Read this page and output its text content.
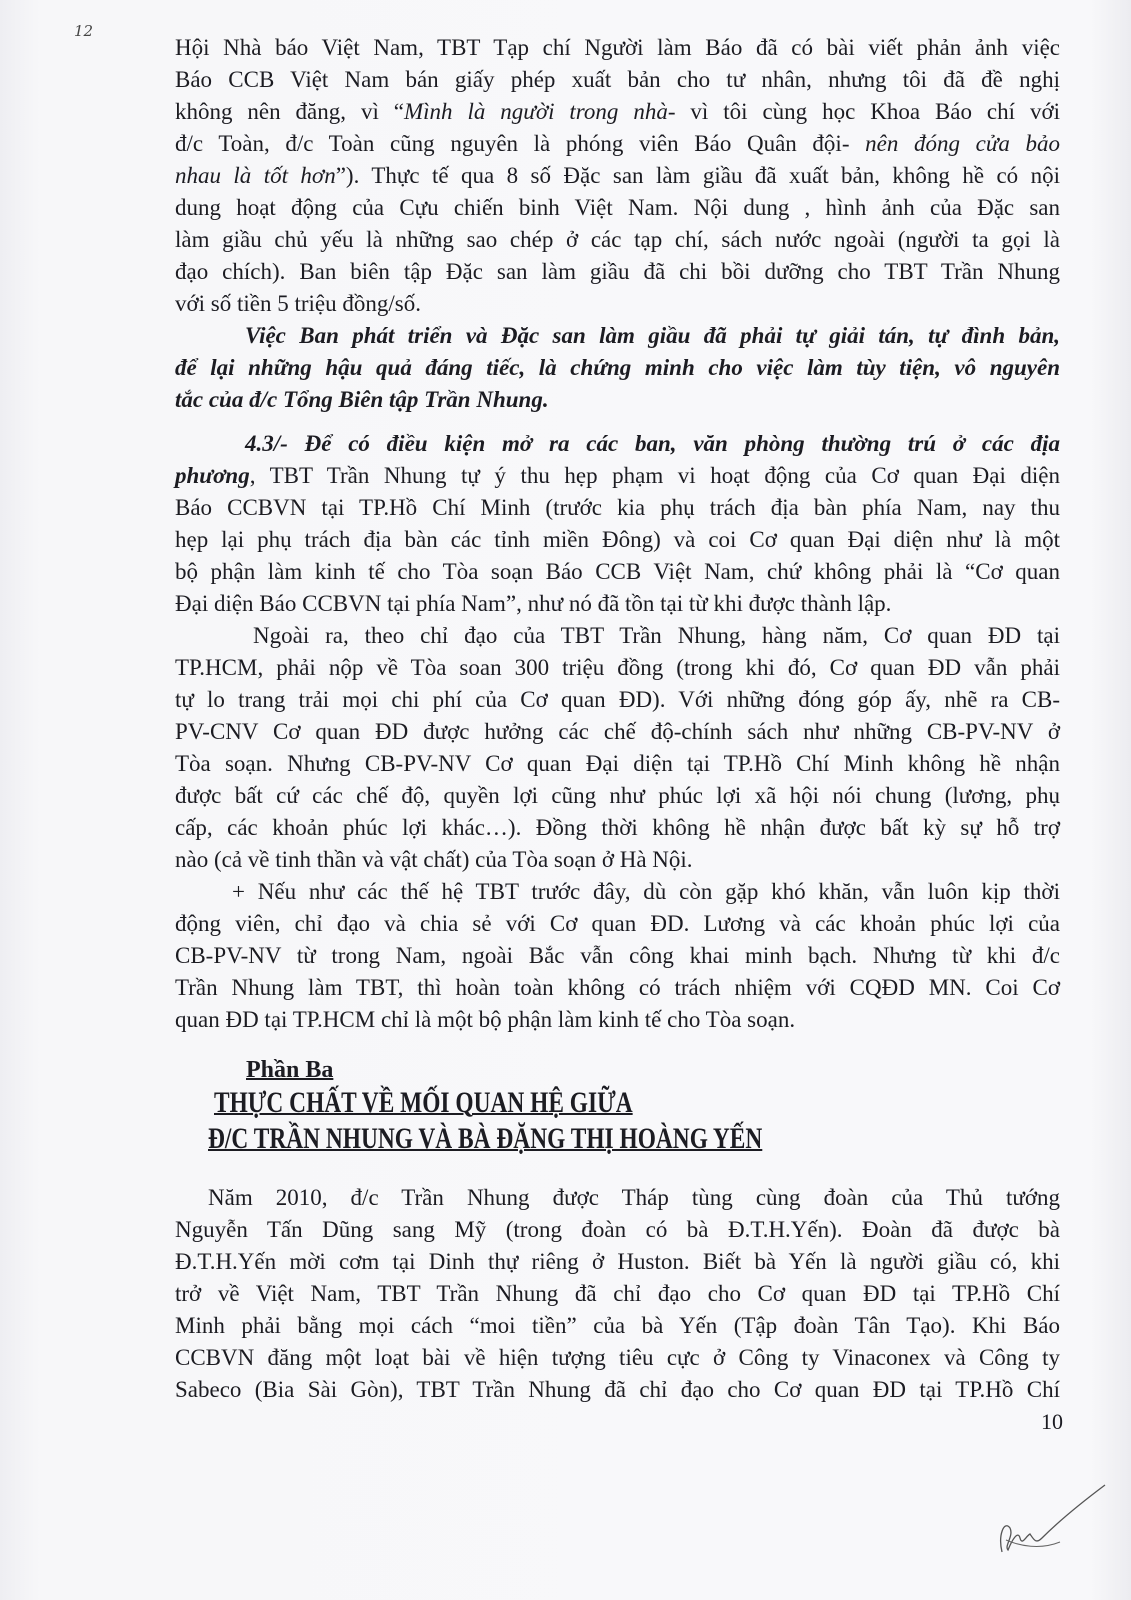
12
Hội Nhà báo Việt Nam, TBT Tạp chí Người làm Báo đã có bài viết phản ảnh việc
Báo CCB Việt Nam bán giấy phép xuất bản cho tư nhân, nhưng tôi đã đề nghị
không nên đăng, vì “Mình là người trong nhà- vì tôi cùng học Khoa Báo chí với
đ/c Toàn, đ/c Toàn cũng nguyên là phóng viên Báo Quân đội- nên đóng cửa bảo
nhau là tốt hơn”). Thực tế qua 8 số Đặc san làm giầu đã xuất bản, không hề có nội
dung hoạt động của Cựu chiến binh Việt Nam. Nội dung , hình ảnh của Đặc san
làm giầu chủ yếu là những sao chép ở các tạp chí, sách nước ngoài (người ta gọi là
đạo chích). Ban biên tập Đặc san làm giầu đã chi bồi dưỡng cho TBT Trần Nhung
với số tiền 5 triệu đồng/số.
Việc Ban phát triển và Đặc san làm giầu đã phải tự giải tán, tự đình bản,
để lại những hậu quả đáng tiếc, là chứng minh cho việc làm tùy tiện, vô nguyên
tắc của đ/c Tổng Biên tập Trần Nhung.
4.3/- Để có điều kiện mở ra các ban, văn phòng thường trú ở các địa
phương, TBT Trần Nhung tự ý thu hẹp phạm vi hoạt động của Cơ quan Đại diện
Báo CCBVN tại TP.Hồ Chí Minh (trước kia phụ trách địa bàn phía Nam, nay thu
hẹp lại phụ trách địa bàn các tỉnh miền Đông) và coi Cơ quan Đại diện như là một
bộ phận làm kinh tế cho Tòa soạn Báo CCB Việt Nam, chứ không phải là “Cơ quan
Đại diện Báo CCBVN tại phía Nam”, như nó đã tồn tại từ khi được thành lập.
Ngoài ra, theo chỉ đạo của TBT Trần Nhung, hàng năm, Cơ quan ĐD tại
TP.HCM, phải nộp về Tòa soan 300 triệu đồng (trong khi đó, Cơ quan ĐD vẫn phải
tự lo trang trải mọi chi phí của Cơ quan ĐD). Với những đóng góp ấy, nhẽ ra CB-
PV-CNV Cơ quan ĐD được hưởng các chế độ-chính sách như những CB-PV-NV ở
Tòa soạn. Nhưng CB-PV-NV Cơ quan Đại diện tại TP.Hồ Chí Minh không hề nhận
được bất cứ các chế độ, quyền lợi cũng như phúc lợi xã hội nói chung (lương, phụ
cấp, các khoản phúc lợi khác…). Đồng thời không hề nhận được bất kỳ sự hỗ trợ
nào (cả về tinh thần và vật chất) của Tòa soạn ở Hà Nội.
+ Nếu như các thế hệ TBT trước đây, dù còn gặp khó khăn, vẫn luôn kịp thời
động viên, chỉ đạo và chia sẻ với Cơ quan ĐD. Lương và các khoản phúc lợi của
CB-PV-NV từ trong Nam, ngoài Bắc vẫn công khai minh bạch. Nhưng từ khi đ/c
Trần Nhung làm TBT, thì hoàn toàn không có trách nhiệm với CQĐD MN. Coi Cơ
quan ĐD tại TP.HCM chỉ là một bộ phận làm kinh tế cho Tòa soạn.
Phần Ba
THỰC CHẤT VỀ MỐI QUAN HỆ GIỮA
Đ/C TRẦN NHUNG VÀ BÀ ĐẶNG THỊ HOÀNG YẾN
Năm 2010, đ/c Trần Nhung được Tháp tùng cùng đoàn của Thủ tướng
Nguyễn Tấn Dũng sang Mỹ (trong đoàn có bà Đ.T.H.Yến). Đoàn đã được bà
Đ.T.H.Yến mời cơm tại Dinh thự riêng ở Huston. Biết bà Yến là người giầu có, khi
trở về Việt Nam, TBT Trần Nhung đã chỉ đạo cho Cơ quan ĐD tại TP.Hồ Chí
Minh phải bằng mọi cách “moi tiền” của bà Yến (Tập đoàn Tân Tạo). Khi Báo
CCBVN đăng một loạt bài về hiện tượng tiêu cực ở Công ty Vinaconex và Công ty
Sabeco (Bia Sài Gòn), TBT Trần Nhung đã chỉ đạo cho Cơ quan ĐD tại TP.Hồ Chí
10
